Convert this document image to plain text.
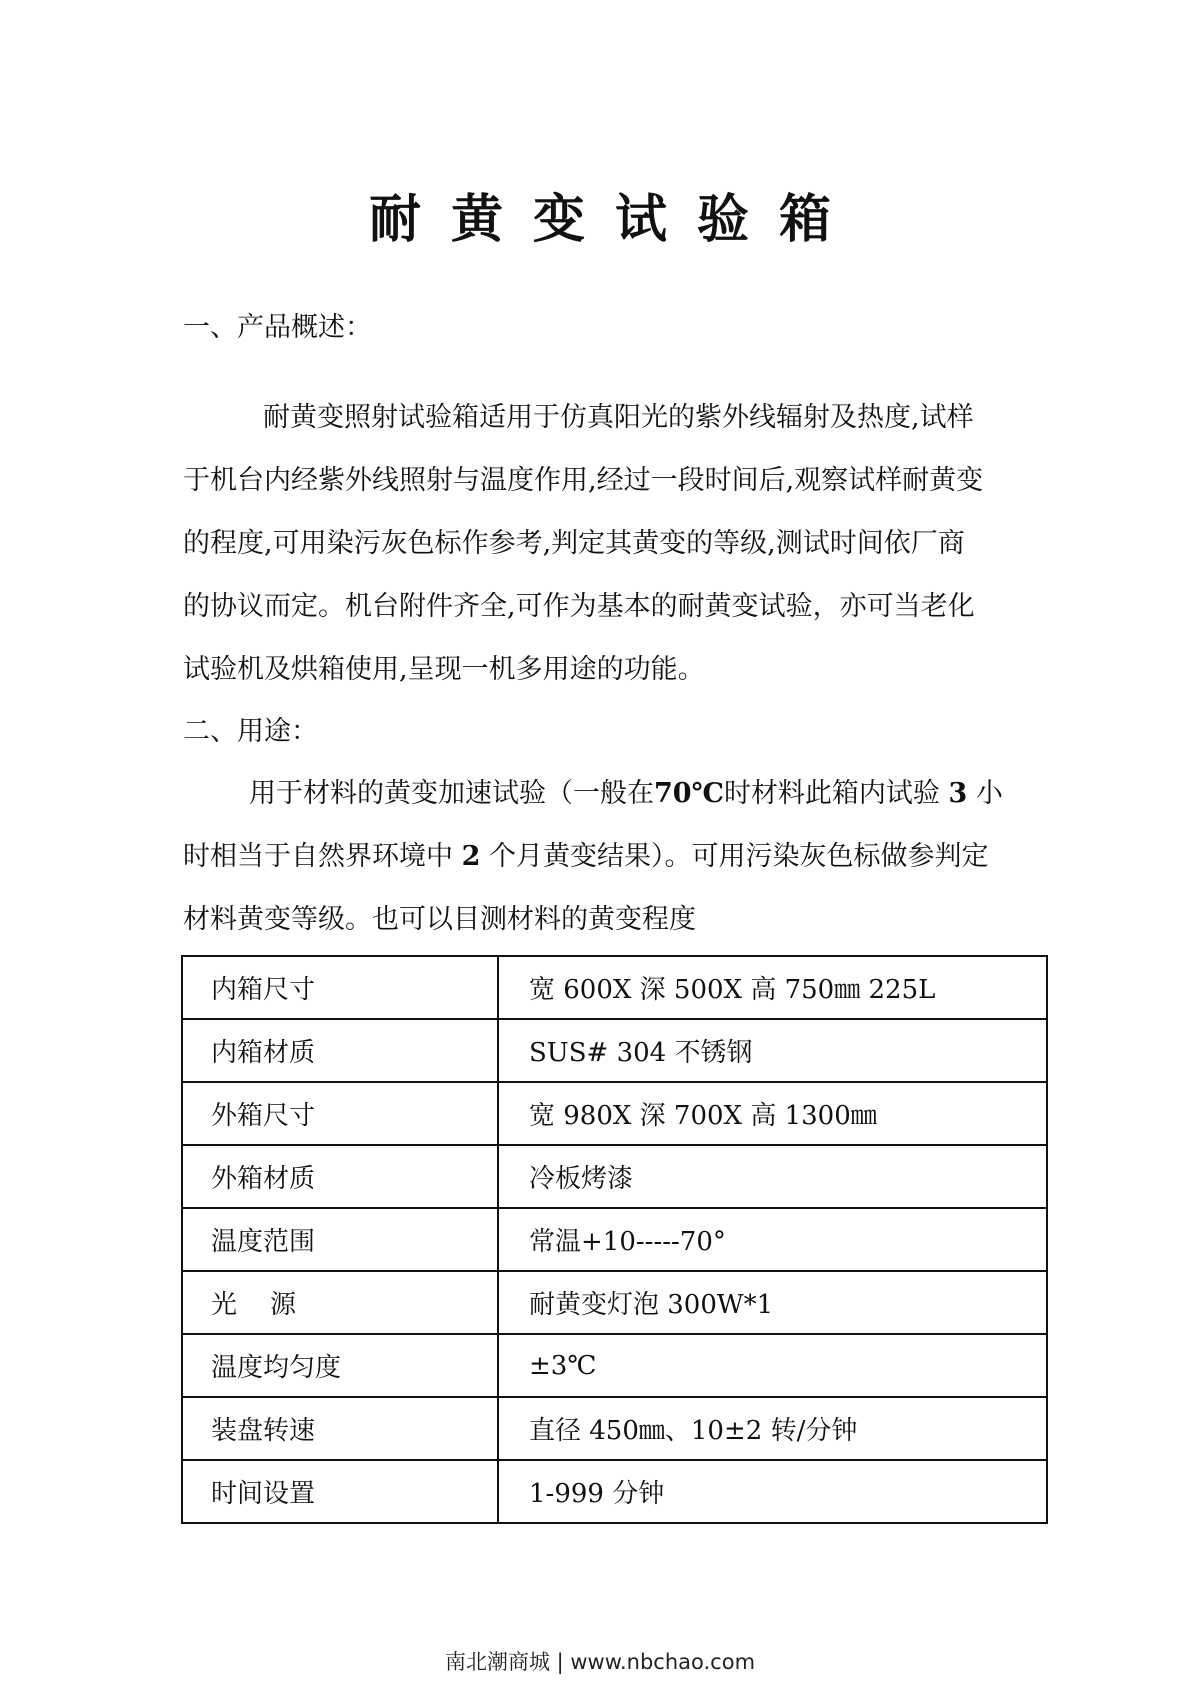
耐黄变试验箱
一、产品概述：

耐黄变照射试验箱适用于仿真阳光的紫外线辐射及热度,试样
于机台内经紫外线照射与温度作用,经过一段时间后,观察试样耐黄变
的程度,可用染污灰色标作参考,判定其黄变的等级,测试时间依厂商
的协议而定。机台附件齐全,可作为基本的耐黄变试验，亦可当老化
试验机及烘箱使用,呈现一机多用途的功能。

二、用途：

用于材料的黄变加速试验（一般在70℃时材料此箱内试验 3 小
时相当于自然界环境中 2 个月黄变结果）。可用污染灰色标做参判定
材料黄变等级。也可以目测材料的黄变程度

内箱尺寸	宽 600X 深 500X 高 750㎜ 225L
内箱材质	SUS# 304 不锈钢
外箱尺寸	宽 980X 深 700X 高 1300㎜
外箱材质	冷板烤漆
温度范围	常温+10-----70°
光    源	耐黄变灯泡 300W*1
温度均匀度	±3℃
装盘转速	直径 450㎜、10±2 转/分钟
时间设置	1-999 分钟
南北潮商城 | www.nbchao.com
